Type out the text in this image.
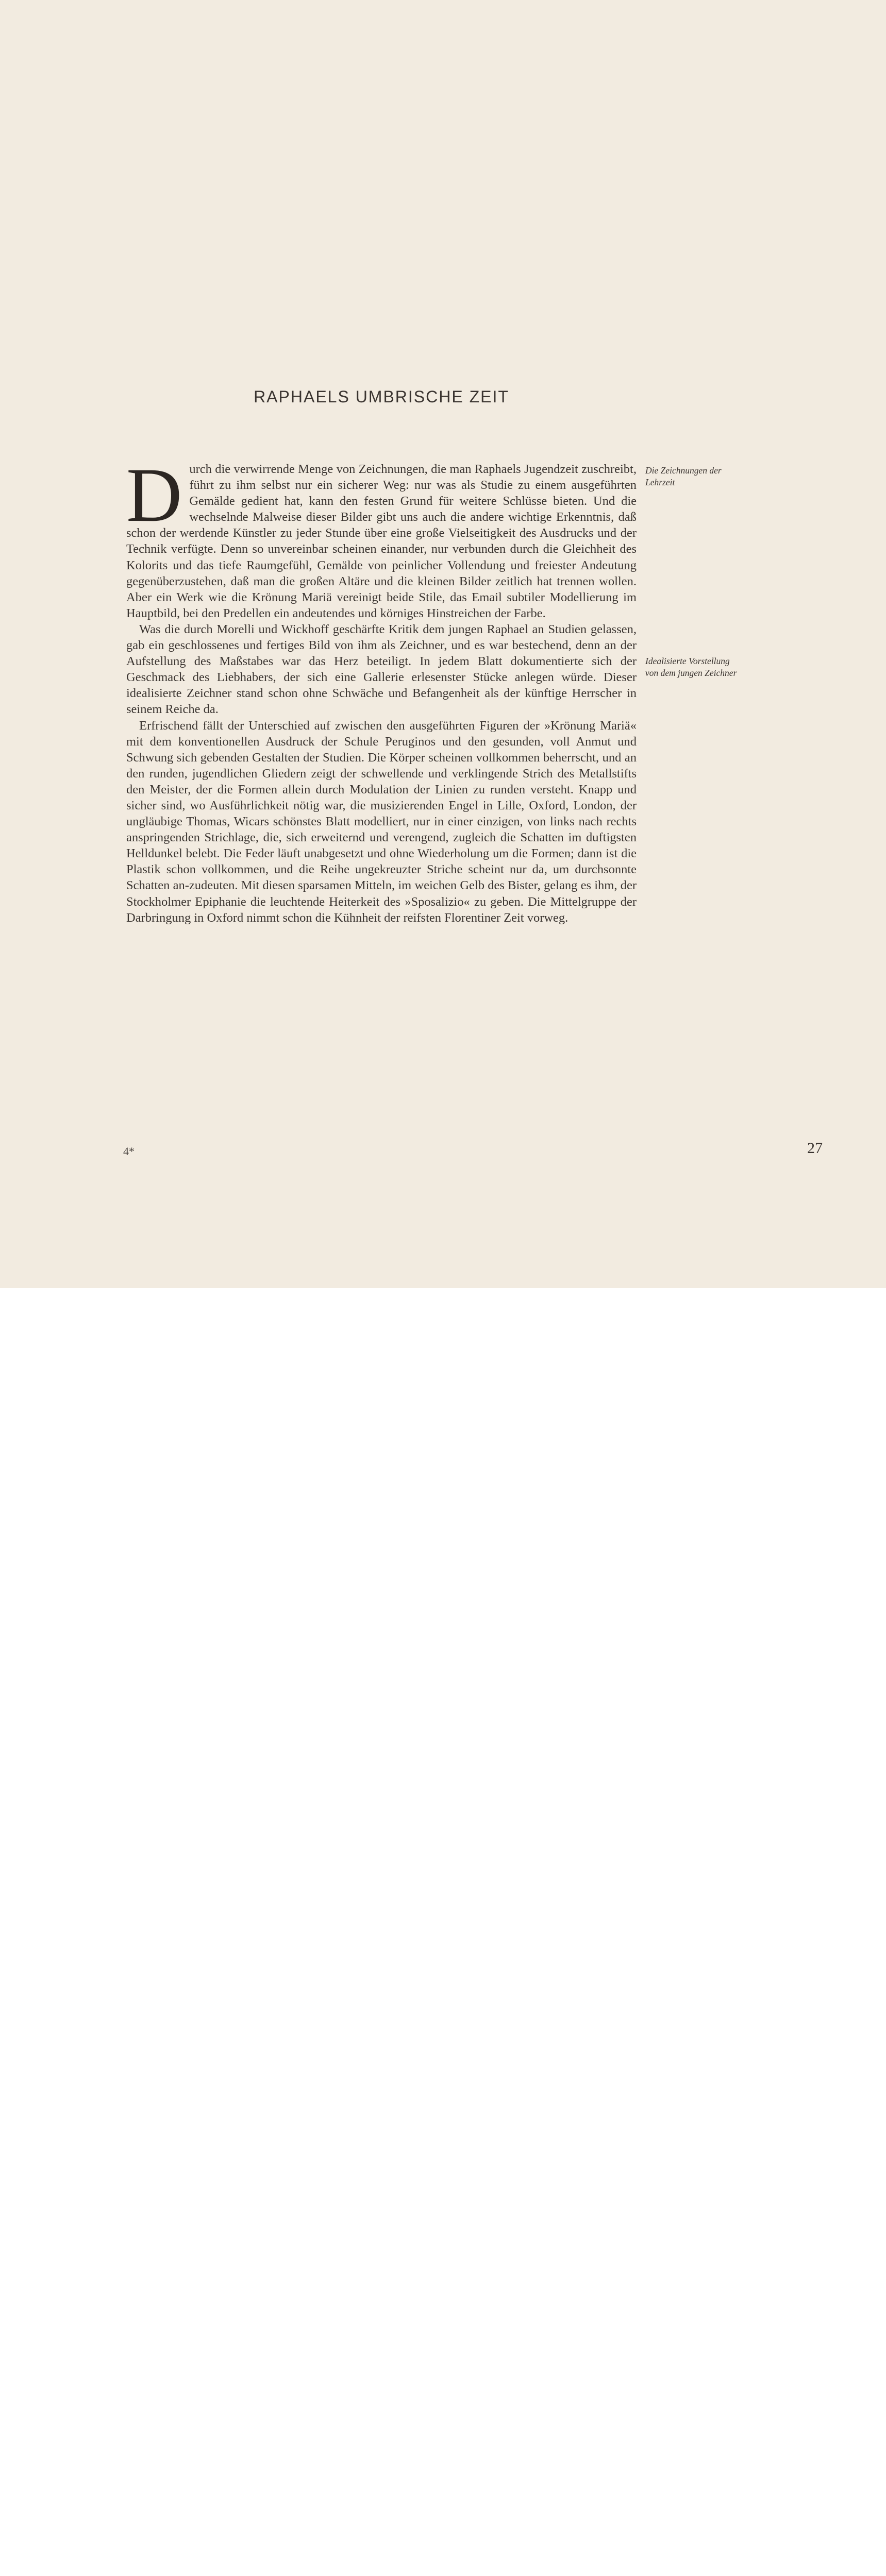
RAPHAELS UMBRISCHE ZEIT

Durch die verwirrende Menge von Zeichnungen, die man Raphaels Jugendzeit zuschreibt, führt zu ihm selbst nur ein sicherer Weg: nur was als Studie zu einem ausgeführten Gemälde gedient hat, kann den festen Grund für weitere Schlüsse bieten. Und die wechselnde Malweise dieser Bilder gibt uns auch die andere wichtige Erkenntnis, daß schon der werdende Künstler zu jeder Stunde über eine große Vielseitigkeit des Ausdrucks und der Technik verfügte. Denn so unvereinbar scheinen einander, nur verbunden durch die Gleichheit des Kolorits und das tiefe Raumgefühl, Gemälde von peinlicher Vollendung und freiester Andeutung gegenüberzustehen, daß man die großen Altäre und die kleinen Bilder zeitlich hat trennen wollen. Aber ein Werk wie die Krönung Mariä vereinigt beide Stile, das Email subtiler Modellierung im Hauptbild, bei den Predellen ein andeutendes und körniges Hinstreichen der Farbe.

Was die durch Morelli und Wickhoff geschärfte Kritik dem jungen Raphael an Studien gelassen, gab ein geschlossenes und fertiges Bild von ihm als Zeichner, und es war bestechend, denn an der Aufstellung des Maßstabes war das Herz beteiligt. In jedem Blatt dokumentierte sich der Geschmack des Liebhabers, der sich eine Gallerie erlesenster Stücke anlegen würde. Dieser idealisierte Zeichner stand schon ohne Schwäche und Befangenheit als der künftige Herrscher in seinem Reiche da.

Erfrischend fällt der Unterschied auf zwischen den ausgeführten Figuren der »Krönung Mariä« mit dem konventionellen Ausdruck der Schule Peruginos und den gesunden, voll Anmut und Schwung sich gebenden Gestalten der Studien. Die Körper scheinen vollkommen beherrscht, und an den runden, jugendlichen Gliedern zeigt der schwellende und verklingende Strich des Metallstifts den Meister, der die Formen allein durch Modulation der Linien zu runden versteht. Knapp und sicher sind, wo Ausführlichkeit nötig war, die musizierenden Engel in Lille, Oxford, London, der ungläubige Thomas, Wicars schönstes Blatt modelliert, nur in einer einzigen, von links nach rechts anspringenden Strichlage, die, sich erweiternd und verengend, zugleich die Schatten im duftigsten Helldunkel belebt. Die Feder läuft unabgesetzt und ohne Wiederholung um die Formen; dann ist die Plastik schon vollkommen, und die Reihe ungekreuzter Striche scheint nur da, um durchsonnte Schatten an-zudeuten. Mit diesen sparsamen Mitteln, im weichen Gelb des Bister, gelang es ihm, der Stockholmer Epiphanie die leuchtende Heiterkeit des »Sposalizio« zu geben. Die Mittelgruppe der Darbringung in Oxford nimmt schon die Kühnheit der reifsten Florentiner Zeit vorweg.

Die Zeichnungen der
Lehrzeit
Idealisierte Vorstellung
von dem jungen Zeichner
4*	27
